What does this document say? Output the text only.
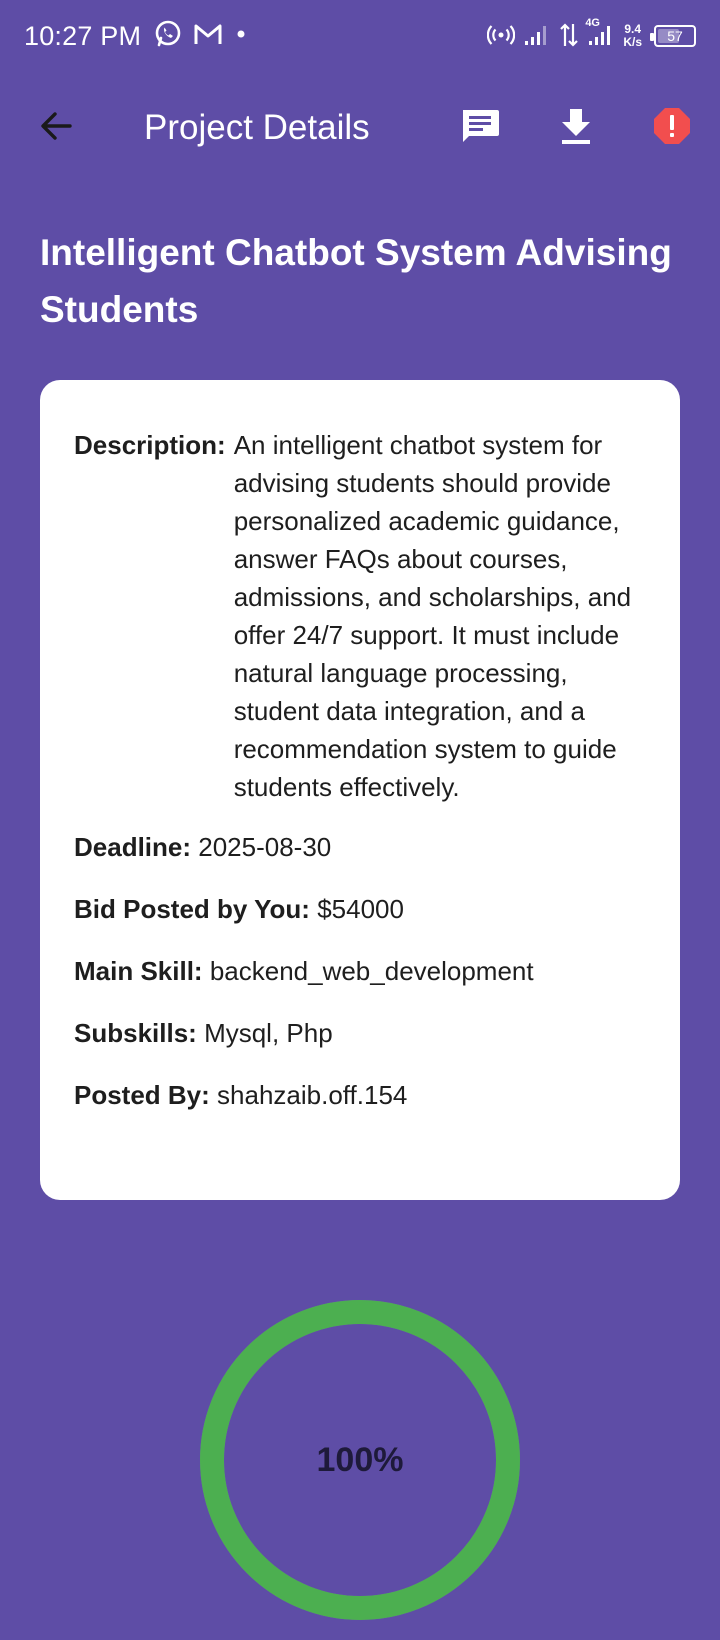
10:27 PM	4G 9.4
K/s 57
Project Details
Intelligent Chatbot System Advising Students
Description: An intelligent chatbot system for advising students should provide personalized academic guidance, answer FAQs about courses, admissions, and scholarships, and offer 24/7 support. It must include natural language processing, student data integration, and a recommendation system to guide students effectively.
Deadline: 2025-08-30
Bid Posted by You: $54000
Main Skill: backend_web_development
Subskills: Mysql, Php
Posted By: shahzaib.off.154
100%
